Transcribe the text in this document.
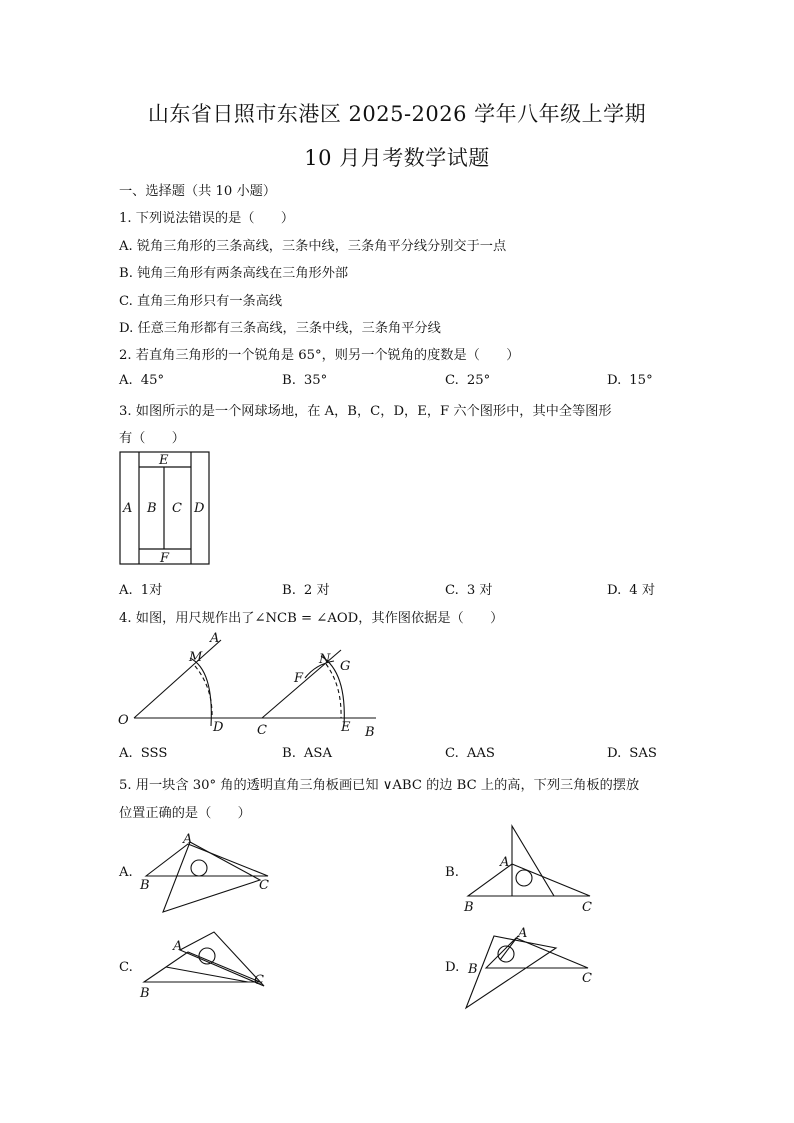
山东省日照市东港区 2025-2026 学年八年级上学期
10 月月考数学试题
一、选择题（共 10 小题）
1. 下列说法错误的是（　　）
A. 锐角三角形的三条高线，三条中线，三条角平分线分别交于一点
B. 钝角三角形有两条高线在三角形外部
C. 直角三角形只有一条高线
D. 任意三角形都有三条高线，三条中线，三条角平分线
2. 若直角三角形的一个锐角是 65°，则另一个锐角的度数是（　　）
A. 45°	B. 35°	C. 25°	D. 15°
3. 如图所示的是一个网球场地，在 A，B，C，D，E，F 六个图形中，其中全等图形
有（　　）
E
A B C D
F
A. 1对	B. 2 对	C. 3 对	D. 4 对
4. 如图，用尺规作出了∠NCB = ∠AOD，其作图依据是（　　）
O
A
M
D	C
N G
F
E B
A. SSS	B. ASA	C. AAS	D. SAS
5. 用一块含 30° 角的透明直角三角板画已知 ∨ABC 的边 BC 上的高，下列三角板的摆放
位置正确的是（　　）
A.
A
B	C
B.
A
B	C
C.
A
B
C
D.
A
B
C
